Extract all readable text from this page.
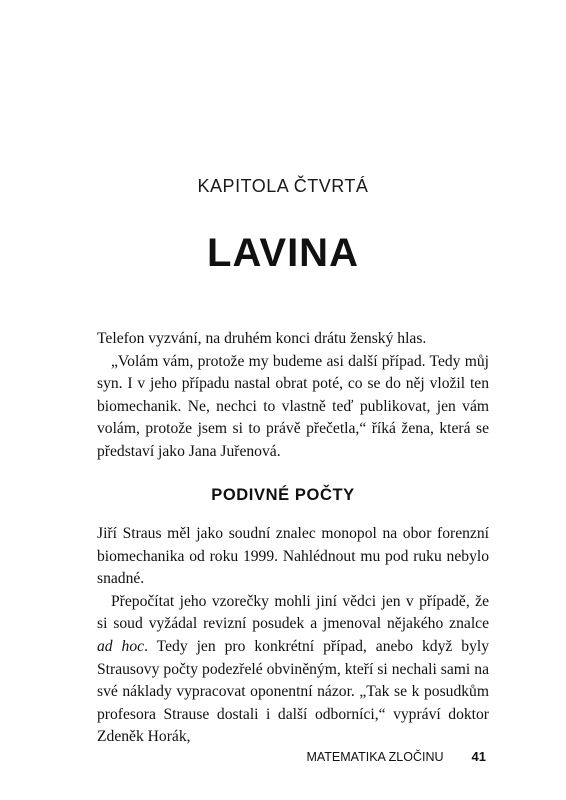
KAPITOLA ČTVRTÁ
LAVINA

Telefon vyzvání, na druhém konci drátu ženský hlas.

„Volám vám, protože my budeme asi další případ. Tedy můj syn. I v jeho případu nastal obrat poté, co se do něj vložil ten biomechanik. Ne, nechci to vlastně teď publikovat, jen vám volám, protože jsem si to právě přečetla,“ říká žena, která se představí jako Jana Juřenová.

PODIVNÉ POČTY

Jiří Straus měl jako soudní znalec monopol na obor forenzní biomechanika od roku 1999. Nahlédnout mu pod ruku nebylo snadné.

Přepočítat jeho vzorečky mohli jiní vědci jen v případě, že si soud vyžádal revizní posudek a jmenoval nějakého znalce ad hoc. Tedy jen pro konkrétní případ, anebo když byly Strausovy počty podezřelé obviněným, kteří si nechali sami na své náklady vypracovat oponentní názor. „Tak se k posudkům profesora Strause dostali i další odborníci,“ vypráví doktor Zdeněk Horák,

MATEMATIKA ZLOČINU 41
